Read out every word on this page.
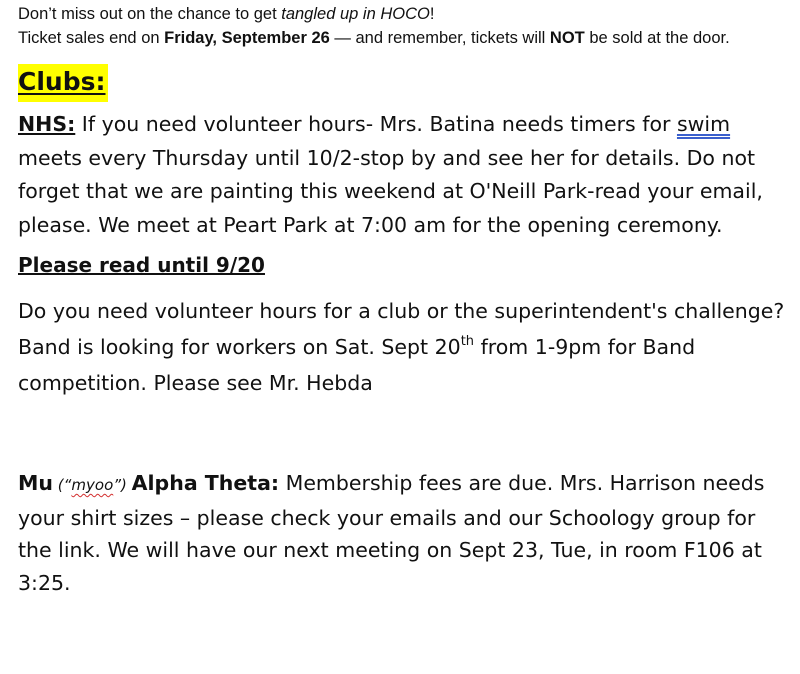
Don’t miss out on the chance to get tangled up in HOCO!
Ticket sales end on Friday, September 26 — and remember, tickets will NOT be sold at the door.
Clubs:

NHS: If you need volunteer hours- Mrs. Batina needs timers for swim meets every Thursday until 10/2-stop by and see her for details. Do not forget that we are painting this weekend at O'Neill Park-read your email, please. We meet at Peart Park at 7:00 am for the opening ceremony.

Please read until 9/20

Do you need volunteer hours for a club or the superintendent's challenge? Band is looking for workers on Sat. Sept 20th from 1-9pm for Band competition. Please see Mr. Hebda

Mu (“myoo”) Alpha Theta: Membership fees are due. Mrs. Harrison needs your shirt sizes – please check your emails and our Schoology group for the link. We will have our next meeting on Sept 23, Tue, in room F106 at 3:25.
